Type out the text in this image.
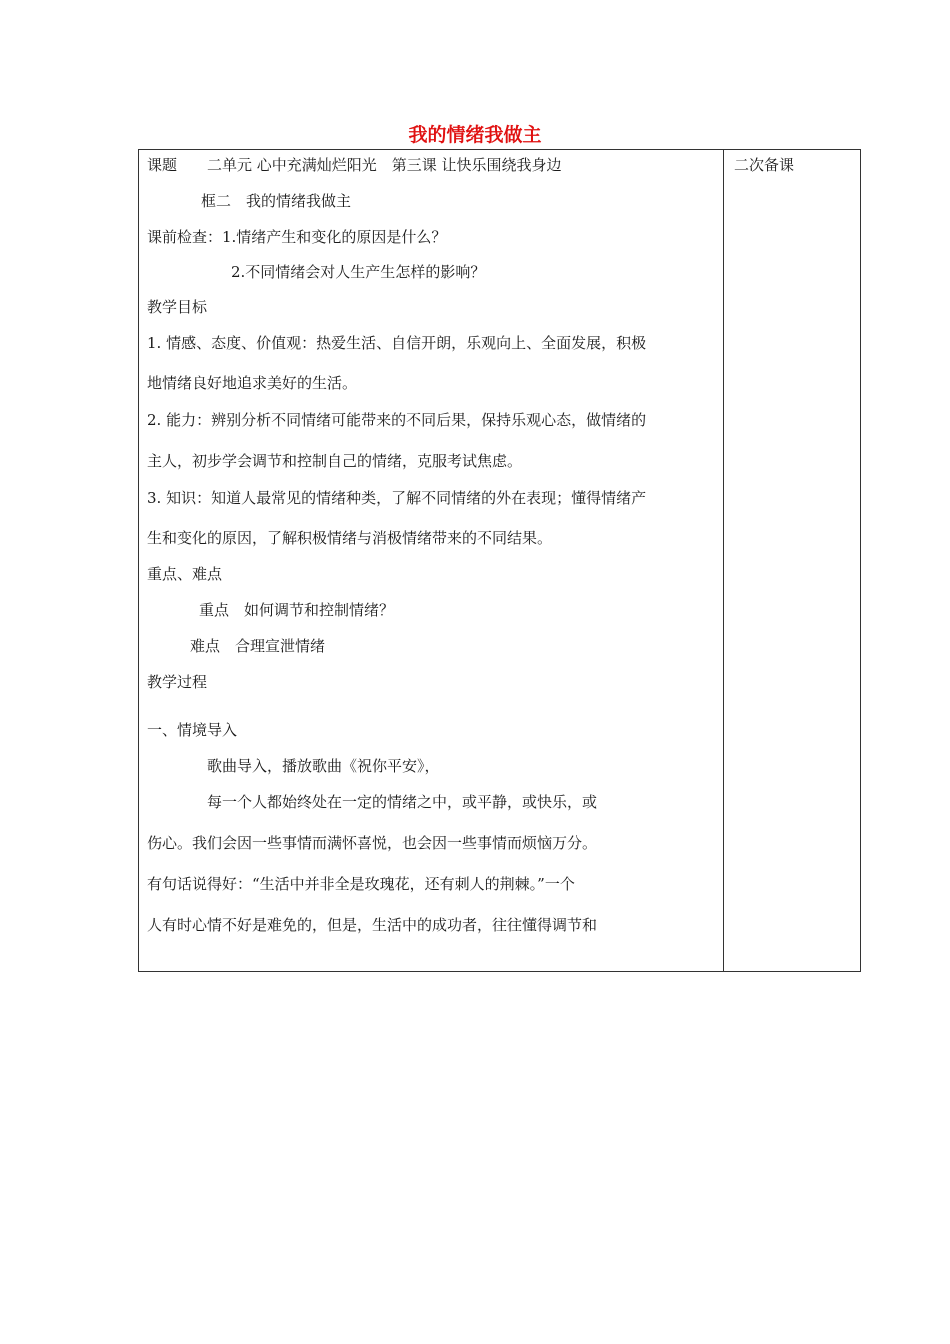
我的情绪我做主
二次备课
课题　　二单元 心中充满灿烂阳光　第三课 让快乐围绕我身边
框二　我的情绪我做主
课前检查：1.情绪产生和变化的原因是什么？
2.不同情绪会对人生产生怎样的影响？
教学目标
1. 情感、态度、价值观：热爱生活、自信开朗，乐观向上、全面发展，积极
地情绪良好地追求美好的生活。
2. 能力：辨别分析不同情绪可能带来的不同后果，保持乐观心态，做情绪的
主人，初步学会调节和控制自己的情绪，克服考试焦虑。
3. 知识：知道人最常见的情绪种类，了解不同情绪的外在表现；懂得情绪产
生和变化的原因，了解积极情绪与消极情绪带来的不同结果。
重点、难点
重点　如何调节和控制情绪？
难点　合理宣泄情绪
教学过程
一、情境导入
歌曲导入，播放歌曲《祝你平安》，
每一个人都始终处在一定的情绪之中，或平静，或快乐，或
伤心。我们会因一些事情而满怀喜悦，也会因一些事情而烦恼万分。
有句话说得好：“生活中并非全是玫瑰花，还有刺人的荆棘。”一个
人有时心情不好是难免的，但是，生活中的成功者，往往懂得调节和
